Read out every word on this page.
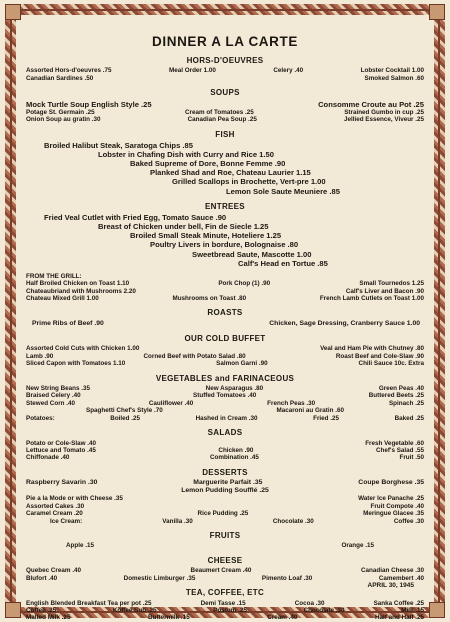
DINNER A LA CARTE
HORS-D'OEUVRES
Assorted Hors-d'oeuvres .75	Meal Order 1.00	Celery .40	Lobster Cocktail 1.00
Canadian Sardines .50	Smoked Salmon .60
SOUPS
Mock Turtle Soup English Style .25	Consomme Croute au Pot .25
Potage St. Germain .25	Cream of Tomatoes .25	Strained Gumbo in cup .25
Onion Soup au gratin .30	Canadian Pea Soup .25	Jellied Essence, Viveur .25
FISH
Broiled Halibut Steak, Saratoga Chips .85
Lobster in Chafing Dish with Curry and Rice 1.50
Baked Supreme of Dore, Bonne Femme .90
Planked Shad and Roe, Chateau Laurier 1.15
Grilled Scallops in Brochette, Vert-pre 1.00
Lemon Sole Saute Meuniere .85
ENTREES
Fried Veal Cutlet with Fried Egg, Tomato Sauce .90
Breast of Chicken under bell, Fin de Siecle 1.25
Broiled Small Steak Minute, Hoteliere 1.25
Poultry Livers in bordure, Bolognaise .80
Sweetbread Saute, Mascotte 1.00
Calf's Head en Tortue .85
FROM THE GRILL:
Half Broiled Chicken on Toast 1.10	Pork Chop (1) .90	Small Tournedos 1.25
Chateaubriand with Mushrooms 2.20	Calf's Liver and Bacon .90
Chateau Mixed Grill 1.00	Mushrooms on Toast .80	French Lamb Cutlets on Toast 1.00
ROASTS
Prime Ribs of Beef .90	Chicken, Sage Dressing, Cranberry Sauce 1.00
OUR COLD BUFFET
Assorted Cold Cuts with Chicken 1.00	Veal and Ham Pie with Chutney .80
Lamb .90	Corned Beef with Potato Salad .80	Roast Beef and Cole-Slaw .90
Sliced Capon with Tomatoes 1.10	Salmon Garni .90	Chili Sauce 10c. Extra
VEGETABLES and FARINACEOUS
New String Beans .35	New Asparagus .80	Green Peas .40
Braised Celery .40	Stuffed Tomatoes .40	Buttered Beets .25
Stewed Corn .40	Cauliflower .40	French Peas .30	Spinach .25
Spaghetti Chef's Style .70	Macaroni au Gratin .60
Potatoes:	Boiled .25	Hashed in Cream .30	Fried .25	Baked .25
SALADS
Potato or Cole-Slaw .40	Fresh Vegetable .60
Lettuce and Tomato .45	Chicken .90	Chef's Salad .55
Chiffonade .40	Combination .45	Fruit .50
DESSERTS
Raspberry Savarin .30	Marguerite Parfait .35	Coupe Borghese .35
Lemon Pudding Soufflé .25
Pie a la Mode or with Cheese .35	Water Ice Panache .25
Assorted Cakes .30	Fruit Compote .40
Caramel Cream .20	Rice Pudding .25	Meringue Glacee .35
Ice Cream:	Vanilla .30	Chocolate .30	Coffee .30
FRUITS
Apple .15	Orange .15
CHEESE
Quebec Cream .40	Beaumert Cream .40	Canadian Cheese .30
Blufort .40	Domestic Limburger .35	Pimento Loaf .30	Camembert .40
TEA, COFFEE, ETC
English Blended Breakfast Tea per pot .25	Demi Tasse .15	Cocoa .30	Sanka Coffee .25
Coffee .25	Koffee Sub .25	Postum .25	Chocolate .30	Milk .15
Malted Milk .25	Buttermilk .15	Cream .40	Half and Half .25
APRIL 30, 1945
